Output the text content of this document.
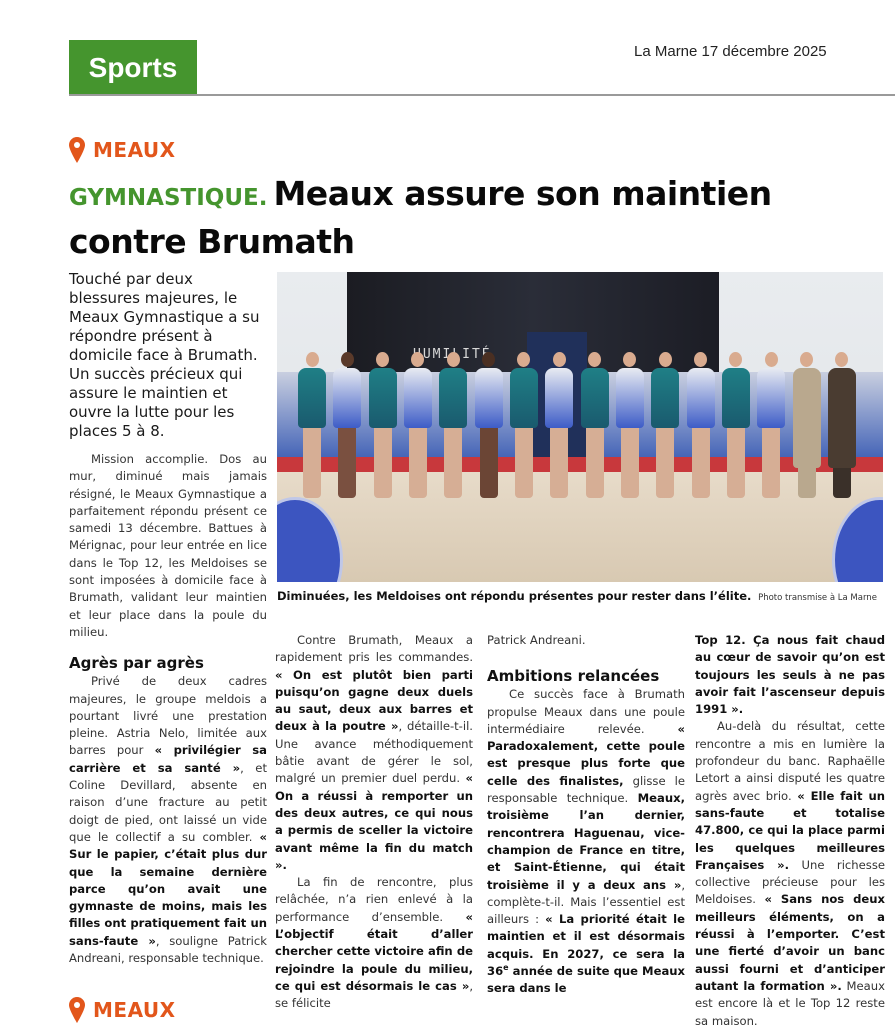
Sports	La Marne 17 décembre 2025
MEAUX
GYMNASTIQUE. Meaux assure son maintien contre Brumath
Touché par deux blessures majeures, le Meaux Gymnastique a su répondre présent à domicile face à Brumath. Un succès précieux qui assure le maintien et ouvre la lutte pour les places 5 à 8.
Diminuées, les Meldoises ont répondu présentes pour rester dans l’élite. Photo transmise à La Marne

Mission accomplie. Dos au mur, diminué mais jamais résigné, le Meaux Gymnastique a parfaitement répondu présent ce samedi 13 décembre. Battues à Mérignac, pour leur entrée en lice dans le Top 12, les Meldoises se sont imposées à domicile face à Brumath, validant leur maintien et leur place dans la poule du milieu.

Agrès par agrès

Privé de deux cadres majeures, le groupe meldois a pourtant livré une prestation pleine. Astria Nelo, limitée aux barres pour « privilégier sa carrière et sa santé », et Coline Devillard, absente en raison d’une fracture au petit doigt de pied, ont laissé un vide que le collectif a su combler. « Sur le papier, c’était plus dur que la semaine dernière parce qu’on avait une gymnaste de moins, mais les filles ont pratiquement fait un sans-faute », souligne Patrick Andreani, responsable technique.

Contre Brumath, Meaux a rapidement pris les commandes. « On est plutôt bien parti puisqu’on gagne deux duels au saut, deux aux barres et deux à la poutre », détaille-t-il. Une avance méthodiquement bâtie avant de gérer le sol, malgré un premier duel perdu. « On a réussi à remporter un des deux autres, ce qui nous a permis de sceller la victoire avant même la fin du match ».

La fin de rencontre, plus relâchée, n’a rien enlevé à la performance d’ensemble. « L’objectif était d’aller chercher cette victoire afin de rejoindre la poule du milieu, ce qui est désormais le cas », se félicite

Patrick Andreani.

Ambitions relancées

Ce succès face à Brumath propulse Meaux dans une poule intermédiaire relevée. « Paradoxalement, cette poule est presque plus forte que celle des finalistes, glisse le responsable technique. Meaux, troisième l’an dernier, rencontrera Haguenau, vice-champion de France en titre, et Saint-Étienne, qui était troisième il y a deux ans », complète-t-il. Mais l’essentiel est ailleurs : « La priorité était le maintien et il est désormais acquis. En 2027, ce sera la 36e année de suite que Meaux sera dans le

Top 12. Ça nous fait chaud au cœur de savoir qu’on est toujours les seuls à ne pas avoir fait l’ascenseur depuis 1991 ».

Au-delà du résultat, cette rencontre a mis en lumière la profondeur du banc. Raphaëlle Letort a ainsi disputé les quatre agrès avec brio. « Elle fait un sans-faute et totalise 47.800, ce qui la place parmi les quelques meilleures Françaises ». Une richesse collective précieuse pour les Meldoises. « Sans nos deux meilleurs éléments, on a réussi à l’emporter. C’est une fierté d’avoir un banc aussi fourni et d’anticiper autant la formation ». Meaux est encore là et le Top 12 reste sa maison.

MEAUX
